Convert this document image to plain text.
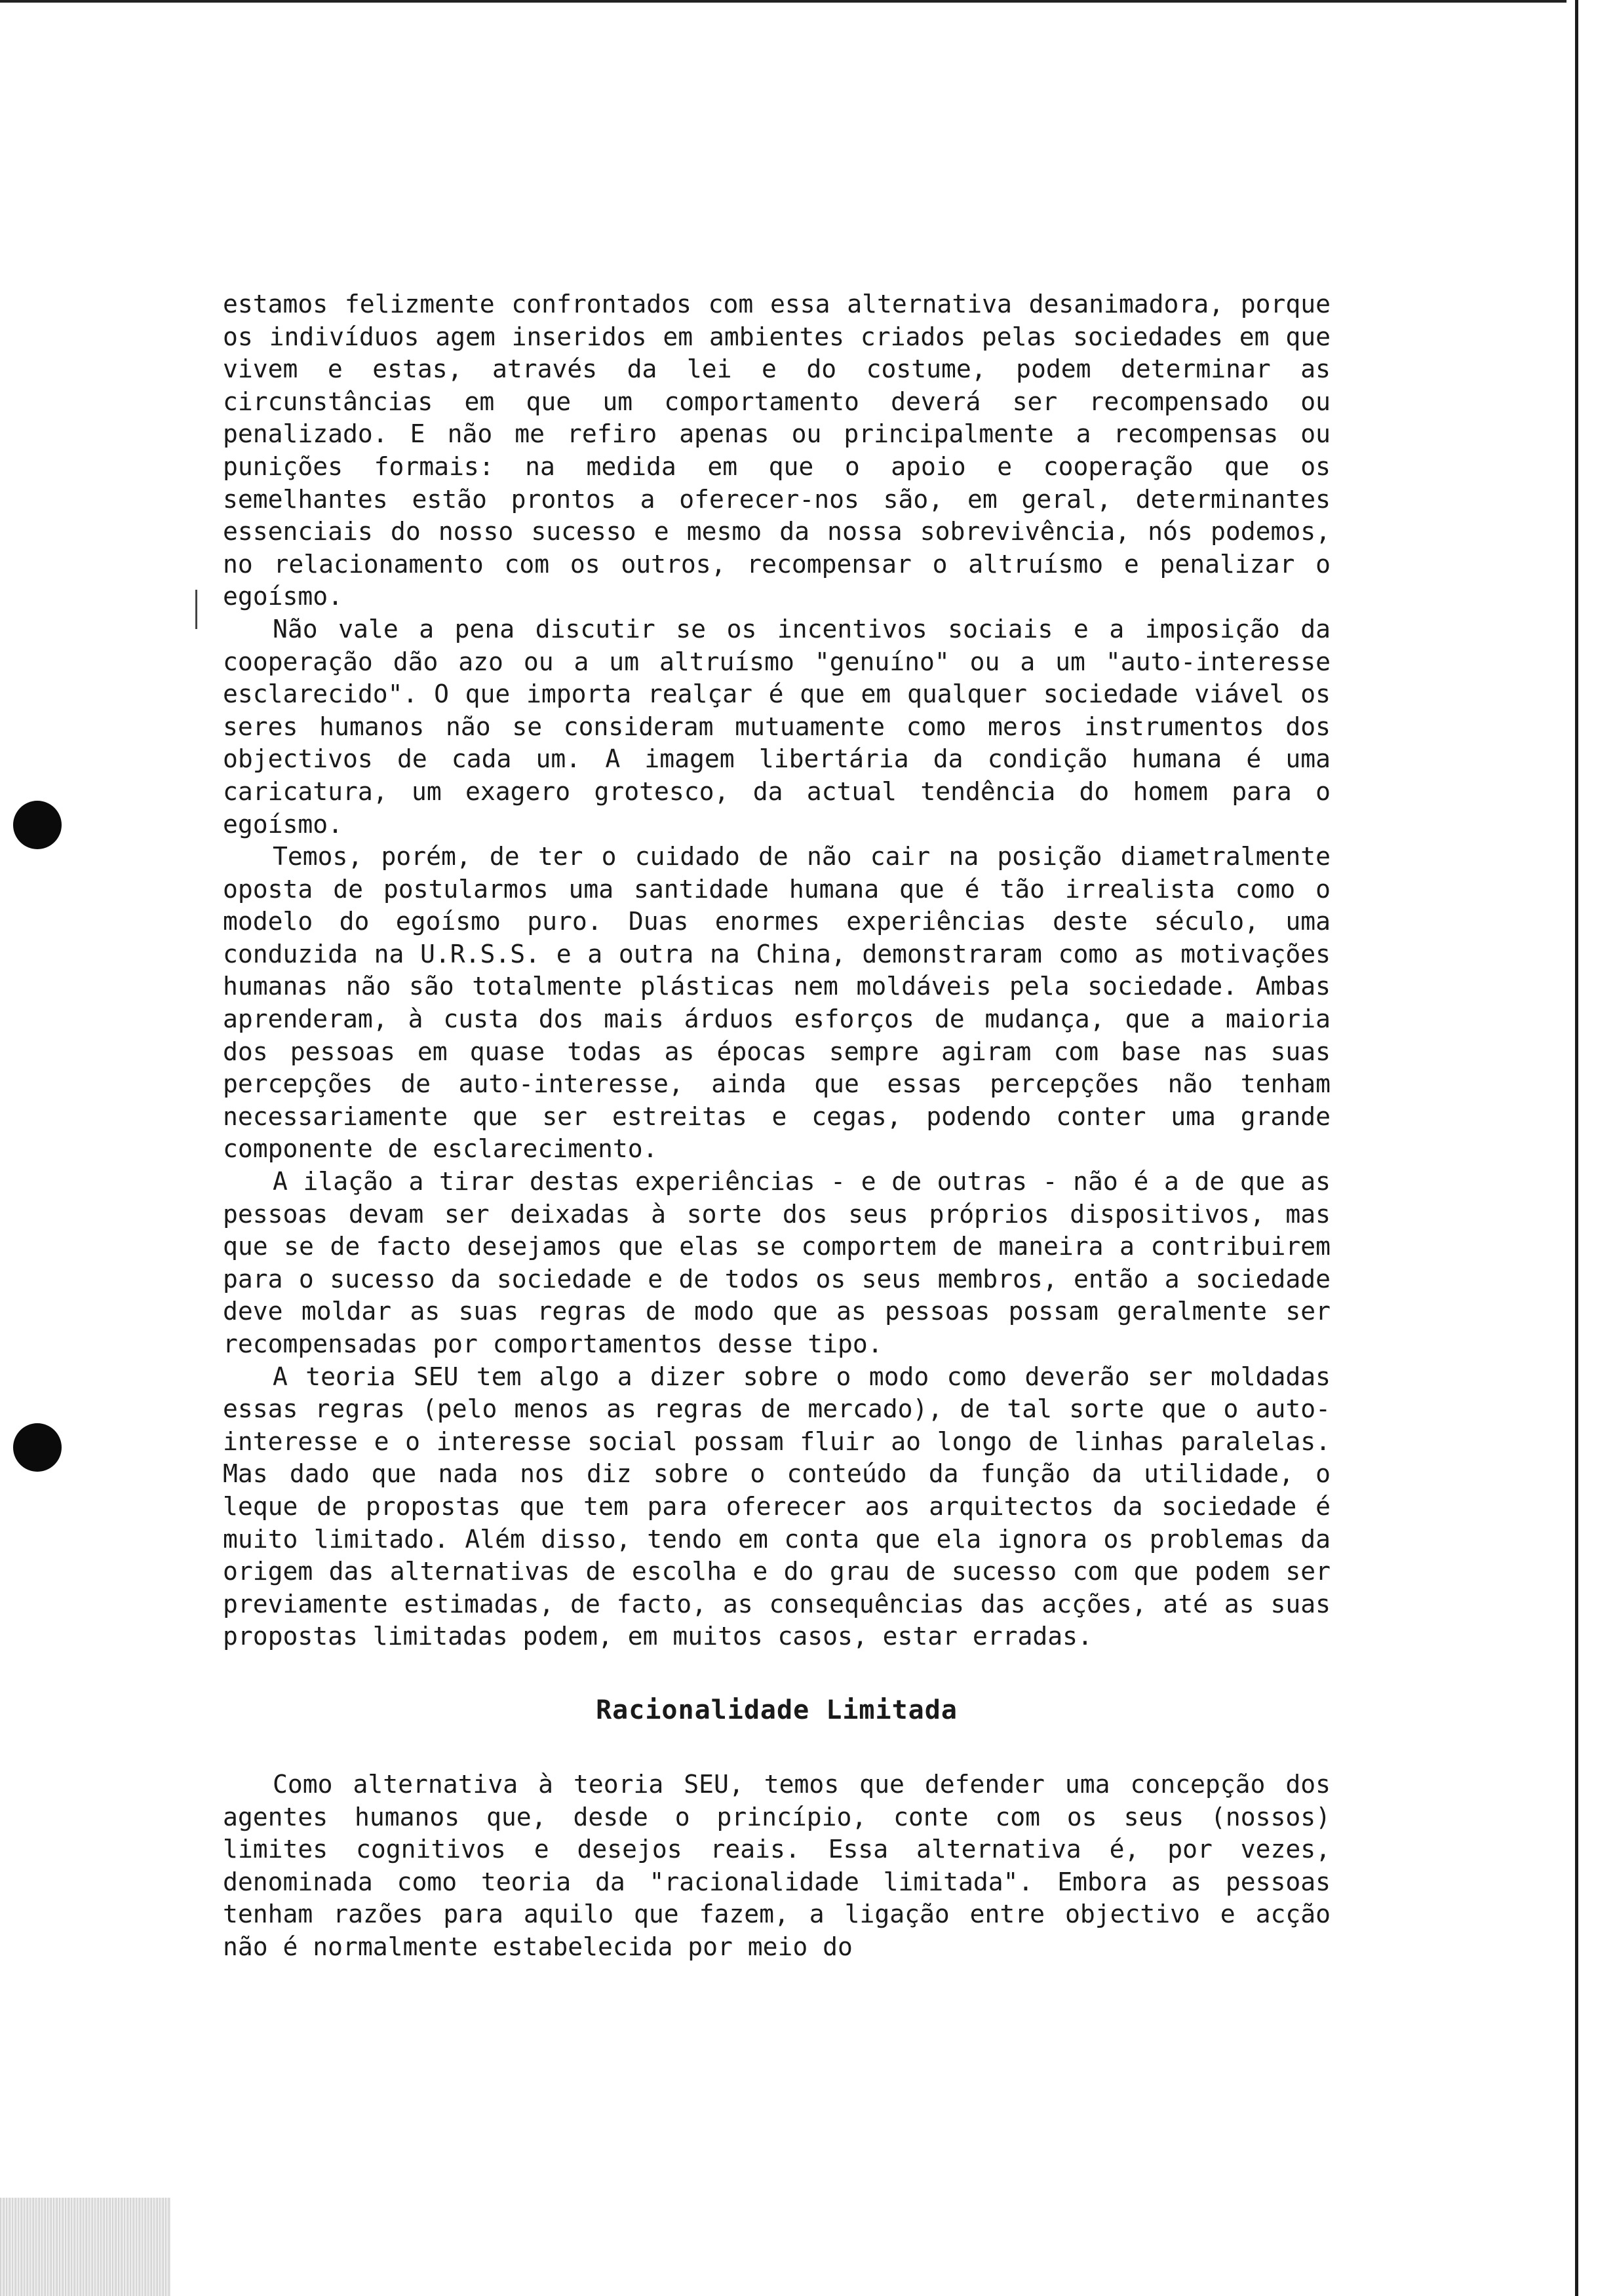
estamos felizmente confrontados com essa alternativa desanimadora, porque os indivíduos agem inseridos em ambientes criados pelas sociedades em que vivem e estas, através da lei e do costume, podem determinar as circunstâncias em que um comportamento deverá ser recompensado ou penalizado. E não me refiro apenas ou principalmente a recompensas ou punições formais: na medida em que o apoio e cooperação que os semelhantes estão prontos a oferecer-nos são, em geral, determinantes essenciais do nosso sucesso e mesmo da nossa sobrevivência, nós podemos, no relacionamento com os outros, recompensar o altruísmo e penalizar o egoísmo.

Não vale a pena discutir se os incentivos sociais e a imposição da cooperação dão azo ou a um altruísmo "genuíno" ou a um "auto-interesse esclarecido". O que importa realçar é que em qualquer sociedade viável os seres humanos não se consideram mutuamente como meros instrumentos dos objectivos de cada um. A imagem libertária da condição humana é uma caricatura, um exagero grotesco, da actual tendência do homem para o egoísmo.

Temos, porém, de ter o cuidado de não cair na posição diametralmente oposta de postularmos uma santidade humana que é tão irrealista como o modelo do egoísmo puro. Duas enormes experiências deste século, uma conduzida na U.R.S.S. e a outra na China, demonstraram como as motivações humanas não são totalmente plásticas nem moldáveis pela sociedade. Ambas aprenderam, à custa dos mais árduos esforços de mudança, que a maioria dos pessoas em quase todas as épocas sempre agiram com base nas suas percepções de auto-interesse, ainda que essas percepções não tenham necessariamente que ser estreitas e cegas, podendo conter uma grande componente de esclarecimento.

A ilação a tirar destas experiências - e de outras - não é a de que as pessoas devam ser deixadas à sorte dos seus próprios dispositivos, mas que se de facto desejamos que elas se comportem de maneira a contribuirem para o sucesso da sociedade e de todos os seus membros, então a sociedade deve moldar as suas regras de modo que as pessoas possam geralmente ser recompensadas por comportamentos desse tipo.

A teoria SEU tem algo a dizer sobre o modo como deverão ser moldadas essas regras (pelo menos as regras de mercado), de tal sorte que o auto-interesse e o interesse social possam fluir ao longo de linhas paralelas. Mas dado que nada nos diz sobre o conteúdo da função da utilidade, o leque de propostas que tem para oferecer aos arquitectos da sociedade é muito limitado. Além disso, tendo em conta que ela ignora os problemas da origem das alternativas de escolha e do grau de sucesso com que podem ser previamente estimadas, de facto, as consequências das acções, até as suas propostas limitadas podem, em muitos casos, estar erradas.

Racionalidade Limitada

Como alternativa à teoria SEU, temos que defender uma concepção dos agentes humanos que, desde o princípio, conte com os seus (nossos) limites cognitivos e desejos reais. Essa alternativa é, por vezes, denominada como teoria da "racionalidade limitada". Embora as pessoas tenham razões para aquilo que fazem, a ligação entre objectivo e acção não é normalmente estabelecida por meio do
